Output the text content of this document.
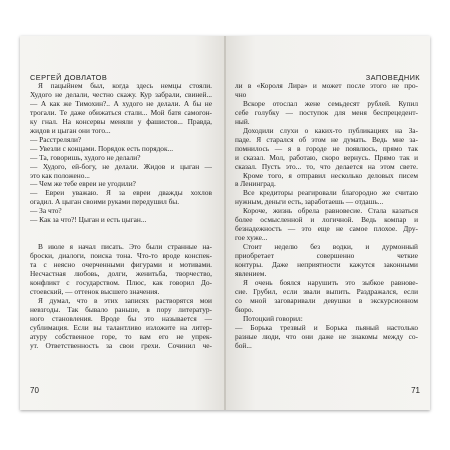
СЕРГЕЙ ДОВЛАТОВ
Я пацыйнем был, когда здесь немцы стояли.
Худого не делали, честно скажу. Кур забрали, свиней...
— А как же Тимохин?.. А худого не делали. А бы не
трогали. Те даже обижаться стали... Мой батя самогон-
ку гнал. На консервы меняли у фашистов... Правда,
жидов и цыган они того...
— Расстреляли?
— Увезли с концами. Порядок есть порядок...
— Та, говоришь, худого не делали?
— Худого, ей-богу, не делали. Жидов и цыган —
это как положено...
— Чем же тебе евреи не угодили?
— Евреи уважаю. Я за евреи дважды хохлов
огадил. А цыган своими руками передушил бы.
— За что?
— Как за что?! Цыган и есть цыган...
В июле я начал писать. Это были странные на-
броски, диалоги, поиска тона. Что-то вроде конспек-
та с неясно очерченными фигурами и мотивами.
Несчастная любовь, долги, женитьба, творчество,
конфликт с государством. Плюс, как говорил До-
стоевский, — оттенок высшего значения.
Я думал, что в этих записях растворятся мои
невзгоды. Так бывало раньше, в пору литератур-
ного становления. Вроде бы это называется —
сублимация. Если вы талантливо изложите на литер-
атуру собственное горе, то вам его не упрек-
ут. Ответственность за свои грехи. Сочинил че-
70
ЗАПОВЕДНИК
ли в «Короля Лира» и может после этого не про-
чно
Вскоре отослал жене семьдесят рублей. Купил
себе голубку — поступок для меня беспрецедент-
ный.
Доходили слухи о каких-то публикациях на За-
паде. Я старался об этом не думать. Ведь мне за-
помнилось — я в городе не появлюсь, прямо так
и сказал. Мол, работаю, скоро вернусь. Прямо так и
сказал. Пусть это... то, что делается на этом свете.
Кроме того, я отправил несколько деловых писем
в Ленинград.
Все кредиторы реагировали благородно же считаю
нужным, деньги есть, заработаешь — отдашь...
Короче, жизнь обрела равновесие. Стала казаться
более осмысленной и логичной. Ведь компар и
безнадежность — это еще не самое плохое. Дру-
гое хуже...
Стоит неделю без водки, и дурмонный
приобретает совершенно четкие
контуры. Даже неприятности кажутся законными
явлением.
Я очень боялся нарушить это зыбкое равнове-
сие. Грубил, если звали выпить. Раздражался, если
со мной заговаривали девушки в экскурсионном
бюро.
Потоцкий говорил:
— Борька трезвый и Борька пьяный настолько
разные люди, что они даже не знакомы между со-
бой...
71
